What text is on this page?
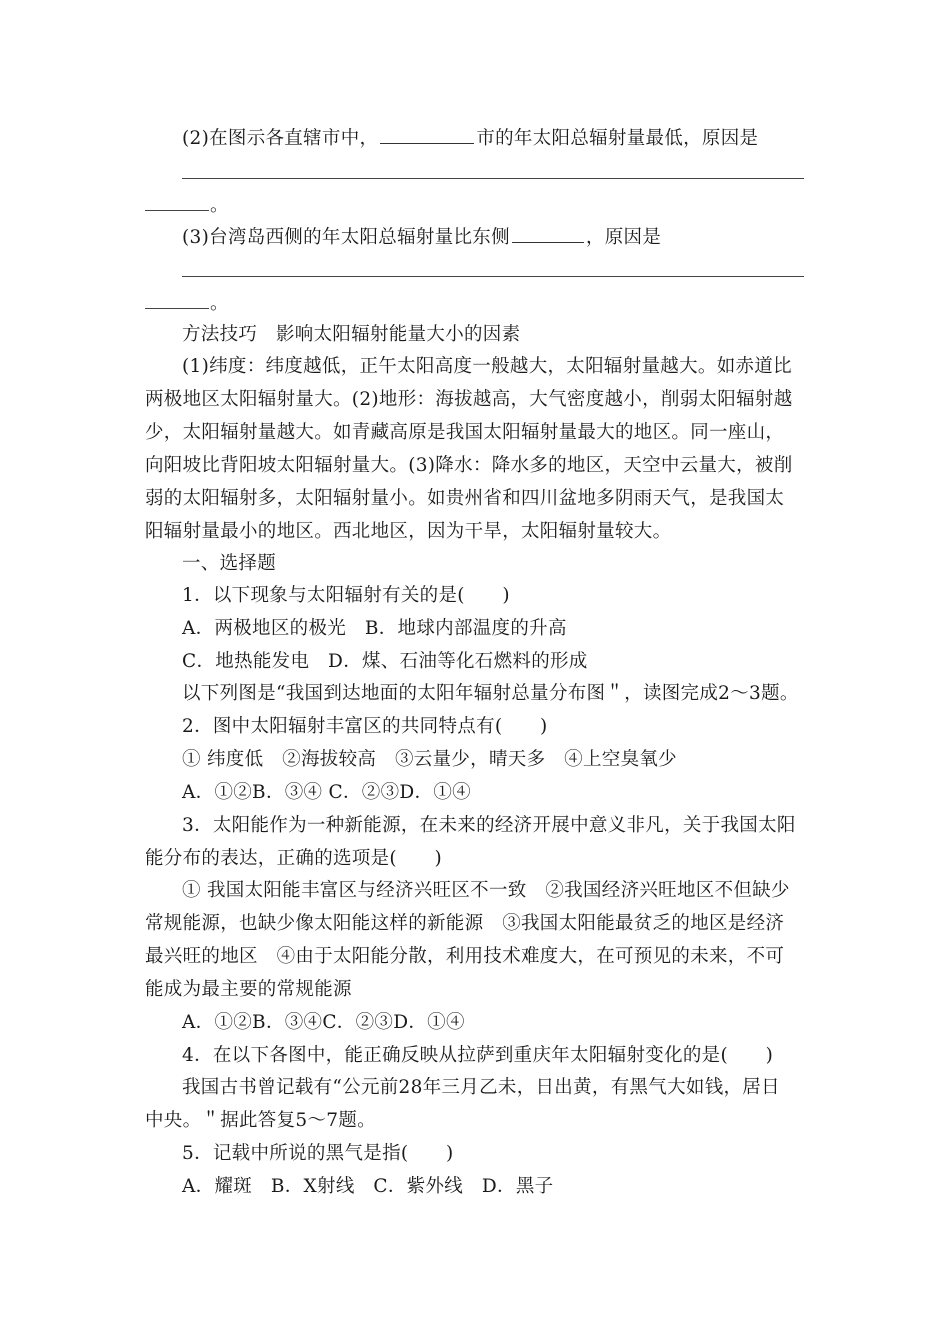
(2)在图示各直辖市中，	市的年太阳总辐射量最低，原因是
。
(3)台湾岛西侧的年太阳总辐射量比东侧	，原因是
。
方法技巧　影响太阳辐射能量大小的因素
(1)纬度：纬度越低，正午太阳高度一般越大，太阳辐射量越大。如赤道比
两极地区太阳辐射量大。(2)地形：海拔越高，大气密度越小，削弱太阳辐射越
少，太阳辐射量越大。如青藏高原是我国太阳辐射量最大的地区。同一座山，
向阳坡比背阳坡太阳辐射量大。(3)降水：降水多的地区，天空中云量大，被削
弱的太阳辐射多，太阳辐射量小。如贵州省和四川盆地多阴雨天气，是我国太
阳辐射量最小的地区。西北地区，因为干旱，太阳辐射量较大。
一、选择题
1．以下现象与太阳辐射有关的是(　　)
A．两极地区的极光　B．地球内部温度的升高
C．地热能发电　D．煤、石油等化石燃料的形成
以下列图是“我国到达地面的太阳年辐射总量分布图＂，读图完成2～3题。
2．图中太阳辐射丰富区的共同特点有(　　)
① 纬度低　②海拔较高　③云量少，晴天多　④上空臭氧少
A．①②B．③④ C．②③D．①④
3．太阳能作为一种新能源，在未来的经济开展中意义非凡，关于我国太阳
能分布的表达，正确的选项是(　　)
① 我国太阳能丰富区与经济兴旺区不一致　②我国经济兴旺地区不但缺少
常规能源，也缺少像太阳能这样的新能源　③我国太阳能最贫乏的地区是经济
最兴旺的地区　④由于太阳能分散，利用技术难度大，在可预见的未来，不可
能成为最主要的常规能源
A．①②B．③④C．②③D．①④
4．在以下各图中，能正确反映从拉萨到重庆年太阳辐射变化的是(　　)
我国古书曾记载有“公元前28年三月乙未，日出黄，有黑气大如钱，居日
中央。＂据此答复5～7题。
5．记载中所说的黑气是指(　　)
A．耀斑　B．X射线　C．紫外线　D．黑子
